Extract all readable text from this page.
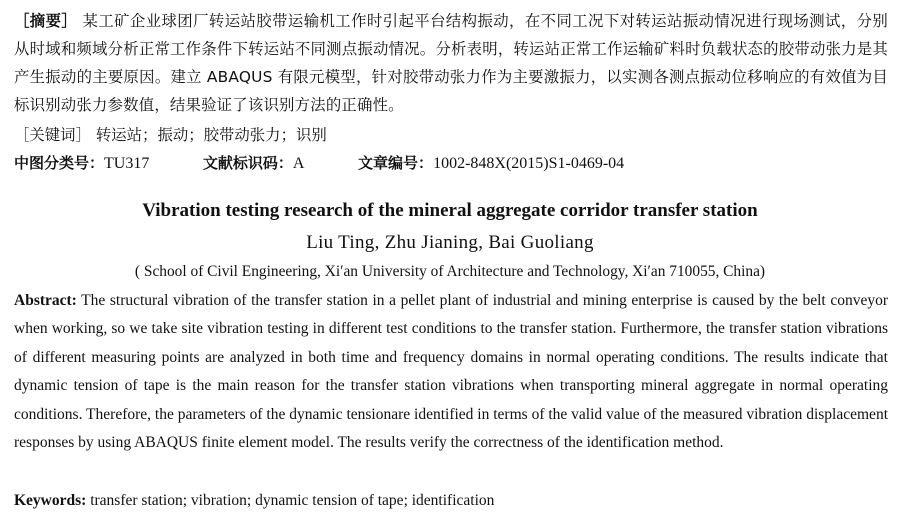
［摘要］ 某工矿企业球团厂转运站胶带运输机工作时引起平台结构振动，在不同工况下对转运站振动情况进行现场测试，分别从时域和频域分析正常工作条件下转运站不同测点振动情况。分析表明，转运站正常工作运输矿料时负载状态的胶带动张力是其产生振动的主要原因。建立 ABAQUS 有限元模型，针对胶带动张力作为主要激振力，以实测各测点振动位移响应的有效值为目标识别动张力参数值，结果验证了该识别方法的正确性。
［关键词］ 转运站；振动；胶带动张力；识别
中图分类号：TU317	文献标识码：A	文章编号：1002-848X(2015)S1-0469-04
Vibration testing research of the mineral aggregate corridor transfer station
Liu Ting, Zhu Jianing, Bai Guoliang
( School of Civil Engineering, Xi′an University of Architecture and Technology, Xi′an 710055, China)
Abstract: The structural vibration of the transfer station in a pellet plant of industrial and mining enterprise is caused by the belt conveyor when working, so we take site vibration testing in different test conditions to the transfer station. Furthermore, the transfer station vibrations of different measuring points are analyzed in both time and frequency domains in normal operating conditions. The results indicate that dynamic tension of tape is the main reason for the transfer station vibrations when transporting mineral aggregate in normal operating conditions. Therefore, the parameters of the dynamic tensionare identified in terms of the valid value of the measured vibration displacement responses by using ABAQUS finite element model. The results verify the correctness of the identification method.
Keywords: transfer station; vibration; dynamic tension of tape; identification
